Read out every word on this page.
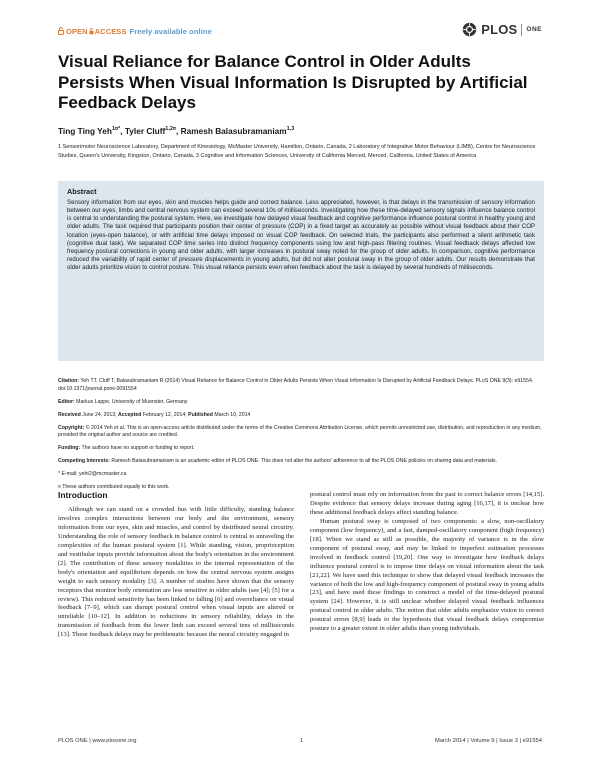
OPEN ACCESS Freely available online	PLOS ONE
Visual Reliance for Balance Control in Older Adults Persists When Visual Information Is Disrupted by Artificial Feedback Delays
Ting Ting Yeh$^{1¤*}$, Tyler Cluff$^{1,2¤}$, Ramesh Balasubramaniam$^{1,3}$
1 Sensorimotor Neuroscience Laboratory, Department of Kinesiology, McMaster University, Hamilton, Ontario, Canada, 2 Laboratory of Integrative Motor Behaviour (LIMB), Centre for Neuroscience Studies, Queen's University, Kingston, Ontario, Canada, 3 Cognitive and Information Sciences, University of California Merced, Merced, California, United States of America
Abstract
Sensory information from our eyes, skin and muscles helps guide and correct balance. Less appreciated, however, is that delays in the transmission of sensory information between our eyes, limbs and central nervous system can exceed several 10s of milliseconds. Investigating how these time-delayed sensory signals influence balance control is central to understanding the postural system. Here, we investigate how delayed visual feedback and cognitive performance influence postural control in healthy young and older adults. The task required that participants position their center of pressure (COP) in a fixed target as accurately as possible without visual feedback about their COP location (eyes-open balance), or with artificial time delays imposed on visual COP feedback. On selected trials, the participants also performed a silent arithmetic task (cognitive dual task). We separated COP time series into distinct frequency components using low and high-pass filtering routines. Visual feedback delays affected low frequency postural corrections in young and older adults, with larger increases in postural sway noted for the group of older adults. In comparison, cognitive performance reduced the variability of rapid center of pressure displacements in young adults, but did not alter postural sway in the group of older adults. Our results demonstrate that older adults prioritize vision to control posture. This visual reliance persists even when feedback about the task is delayed by several hundreds of milliseconds.

Citation: Yeh TT, Cluff T, Balasubramaniam R (2014) Visual Reliance for Balance Control in Older Adults Persists When Visual Information Is Disrupted by Artificial Feedback Delays. PLoS ONE 9(3): e91554. doi:10.1371/journal.pone.0091554

Editor: Markus Lappe, University of Muenster, Germany

Received June 24, 2013; Accepted February 12, 2014; Published March 10, 2014

Copyright: © 2014 Yeh et al. This is an open-access article distributed under the terms of the Creative Commons Attribution License, which permits unrestricted use, distribution, and reproduction in any medium, provided the original author and source are credited.

Funding: The authors have no support or funding to report.

Competing Interests: Ramesh Balasubramaniam is an academic editor of PLOS ONE. This does not alter the authors' adherence to all the PLOS ONE policies on sharing data and materials.

* E-mail: yeht2@mcmaster.ca

¤ These authors contributed equally to this work.

Introduction

Although we can stand on a crowded bus with little difficulty, standing balance involves complex interactions between our body and the environment, sensory information from our eyes, skin and muscles, and control by distributed neural circuitry. Understanding the role of sensory feedback in balance control is central to unraveling the complexities of the human postural system [1]. While standing, vision, proprioception and vestibular inputs provide information about the body's orientation in the environment [2]. The contribution of these sensory modalities to the internal representation of the body's orientation and equilibrium depends on how the central nervous system assigns weight to each sensory modality [3]. A number of studies have shown that the sensory receptors that monitor body orientation are less sensitive in older adults (see [4]; [5] for a review). This reduced sensitivity has been linked to falling [6] and overreliance on visual feedback [7–9], which can disrupt postural control when visual inputs are altered or unreliable [10–12]. In addition to reductions in sensory reliability, delays in the transmission of feedback from the lower limb can exceed several tens of milliseconds [13]. These feedback delays may be problematic because the neural circuitry engaged in

postural control must rely on information from the past to correct balance errors [14,15]. Despite evidence that sensory delays increase during aging [16,17], it is unclear how these additional feedback delays affect standing balance.

Human postural sway is composed of two components: a slow, non-oscillatory component (low frequency), and a fast, damped-oscillatory component (high frequency) [18]. When we stand as still as possible, the majority of variance is in the slow component of postural sway, and may be linked to imperfect estimation processes involved in feedback control [19,20]. One way to investigate how feedback delays influence postural control is to impose time delays on visual information about the task [21,22]. We have used this technique to show that delayed visual feedback increases the variance of both the low and high-frequency component of postural sway in young adults [23], and have used these findings to construct a model of the time-delayed postural system [24]. However, it is still unclear whether delayed visual feedback influences postural control in older adults. The notion that older adults emphasize vision to correct postural errors [8,9] leads to the hypothesis that visual feedback delays compromise posture to a greater extent in older adults than young individuals.

PLOS ONE | www.plosone.org	1	March 2014 | Volume 9 | Issue 3 | e91554
